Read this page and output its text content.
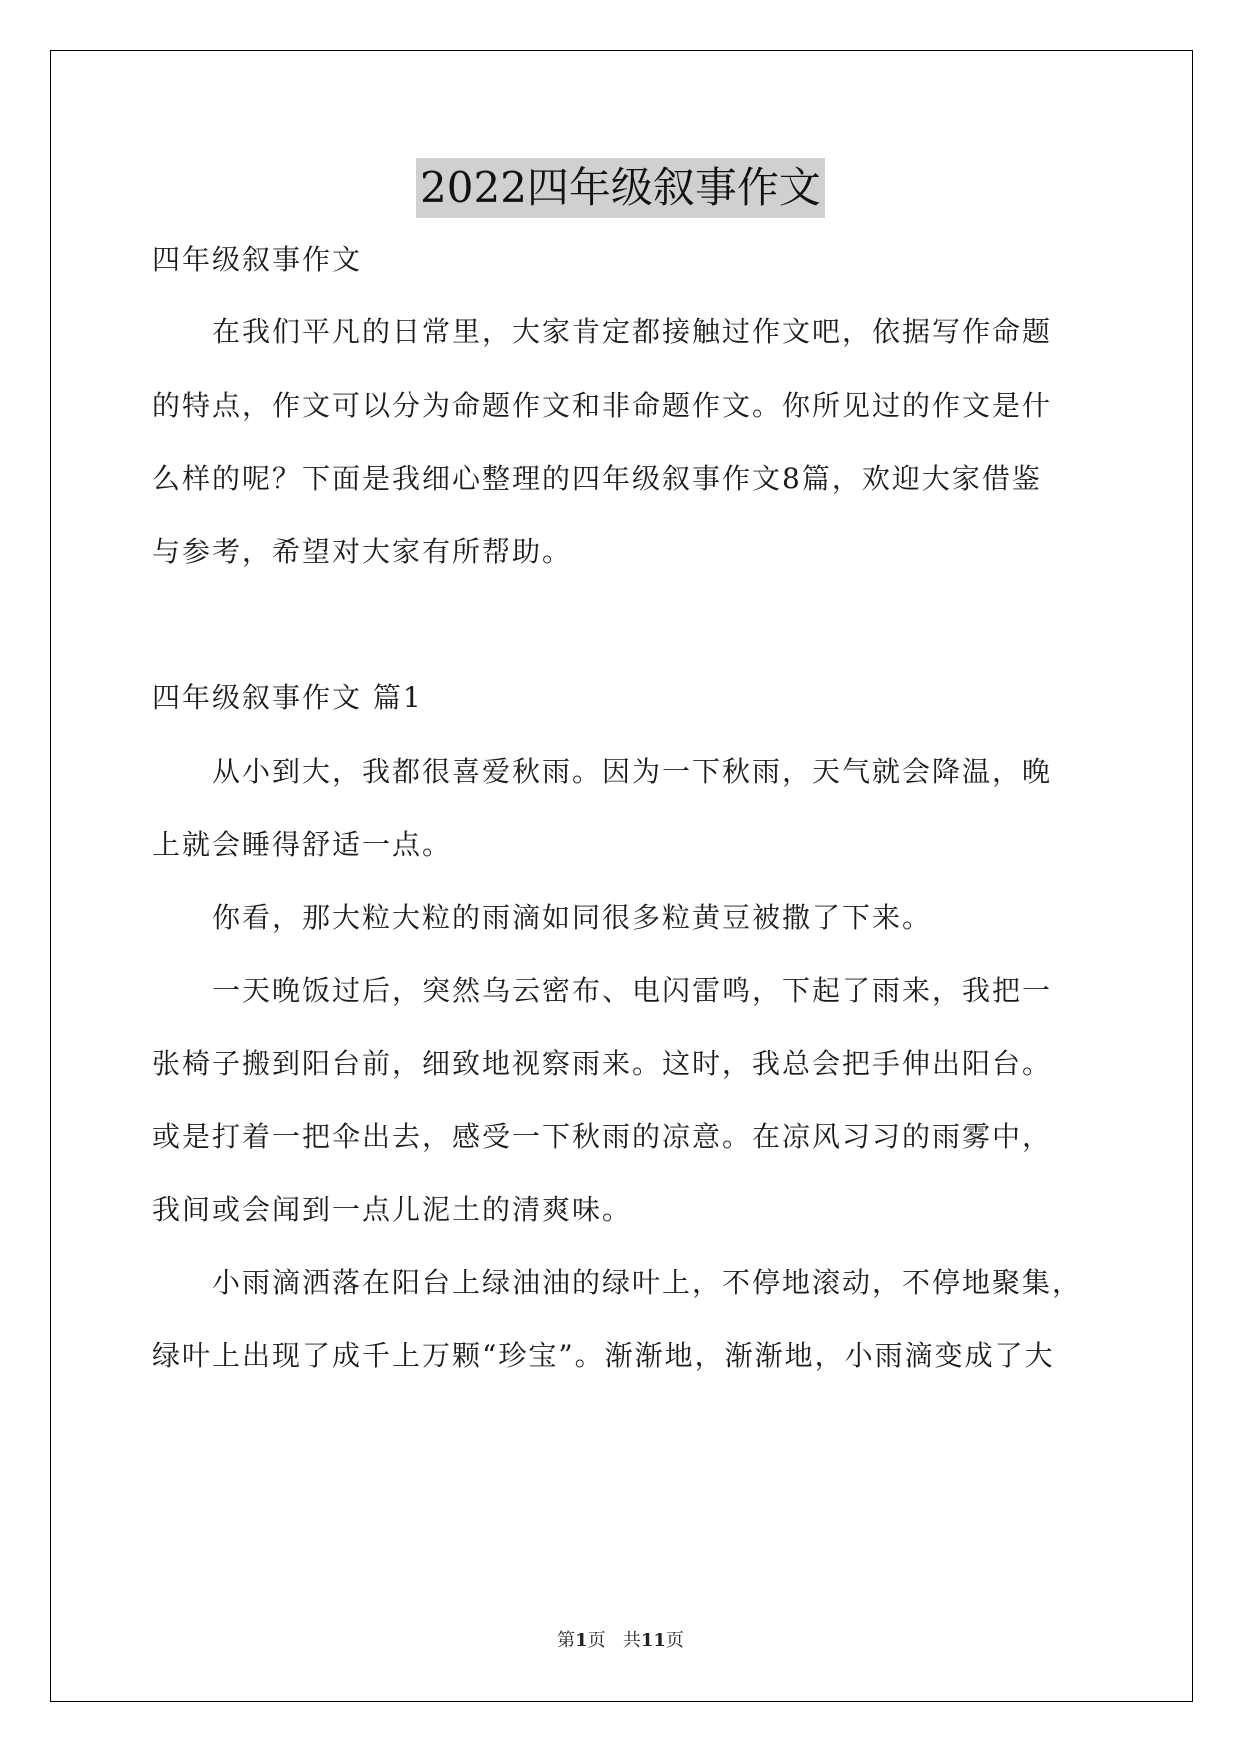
2022四年级叙事作文
四年级叙事作文
在我们平凡的日常里，大家肯定都接触过作文吧，依据写作命题
的特点，作文可以分为命题作文和非命题作文。你所见过的作文是什
么样的呢？下面是我细心整理的四年级叙事作文8篇，欢迎大家借鉴
与参考，希望对大家有所帮助。
四年级叙事作文 篇1
从小到大，我都很喜爱秋雨。因为一下秋雨，天气就会降温，晚
上就会睡得舒适一点。
你看，那大粒大粒的雨滴如同很多粒黄豆被撒了下来。
一天晚饭过后，突然乌云密布、电闪雷鸣，下起了雨来，我把一
张椅子搬到阳台前，细致地视察雨来。这时，我总会把手伸出阳台。
或是打着一把伞出去，感受一下秋雨的凉意。在凉风习习的雨雾中，
我间或会闻到一点儿泥土的清爽味。
小雨滴洒落在阳台上绿油油的绿叶上，不停地滚动，不停地聚集，
绿叶上出现了成千上万颗“珍宝”。渐渐地，渐渐地，小雨滴变成了大
第1页 共11页
